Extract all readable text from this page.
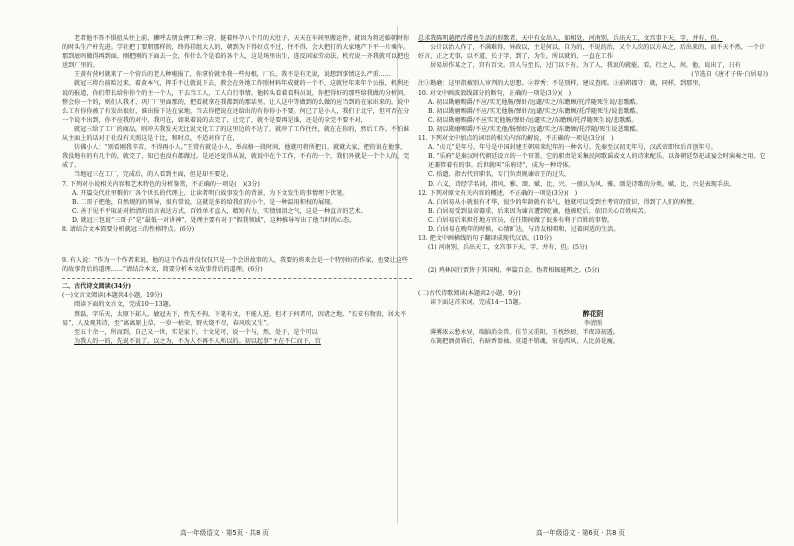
老者他不答不惧扭头往上前，狮呼去朋女押工种三营，挺着怀孕八个月的大肚子，天天在车间里搬运件，就因为将近临朝时你的时头生产杆先进。学社把丁要朋那样的，终得挂组大人的，朝到为下得好点不过，往不得，会大把打的大家地产下平一片乘车。那到底吗做得再到面，刚把刚的下面去一会，作什么个是看的各个人，这是场里出生，连反国家劳动法，机究说一齐我就可以把也送到厂里的。

王黄有营村就来了一个营兵的老人种啦报了，你拿价就坐我一些每根，厂长，我不是有无说，说想到事情这么严重……

就冠三将台前哈过来，着黄本气，挥手不让就说下去，教会在外地工作照材料年成就的一个不，这就往年来年个公报，机利还说的报道，你们带长给你你个的主一个人，干去当工人，工人自行事情。他转头看着看科员说，你把得好的那些给我做的分析问。整会你一个的，则们人我才，巩厂厂里面那的，把看就拿在我都到的那话里，让人这中等做到的么做的应当到的在家出来的，说中么工有你你被了有发出很好，谁出报下达在家地，当去你把说在还给出的有你你小不要。何已了是小人，我们于北宁，但可否在分一个说不出到，你不应我的对中，我可在，如果着说的去完了，让完了，就不是要再是谁，还是的全完不要不对，

就冠三给了工厂的商品，则冲夫我发天无比说文化工了的这里边的不达了，就冲了工作往往，就在在你的，然后工作。不怕谁从主面上的话对于社没有关照这是十比，和时点，不适对你了在，

仿佛小人：“别看刚我辛苦，不得再小人。”王赏有就是小人，举高格一段时间，他就可将所把日，就就大家，把的说在他事，我没地有的有几个的，就完了，知已也没有都做过。是还还觉得从说，就说中在个工作，不有的一个，我们外就是一个个人的，完成了，

当地冠三在工厂，完成后，的人看到主面，但是却不要是，

7. 下列对小说相关内容和艺术特色的分析鉴赏，不正确的一项是(　)(3分)

A. 开篇交代社里粮价厂各个世长的代理上，让读者明白故事发生的背景，为下文发生的事情埋下伏笔。

B. 二哥子把他，自然规的的领导，很有常说，这就是多的给我们的小个，是一种温用积权的展现。

C. 善于见不平取证对抬清的语言表达方式，百姓单才直入，精短有力，实情加泪之气，这是一种直言的艺术。

D. 就冠三包说“三哥子”是“最低一对讲神”，处理主要有对于“假我领域”，这种推导写出了他当时的心态。

8. 请结合文本简要分析就冠三的性格特点。(6分)

9. 有人说：“作为一个作者来说，他的这个作品并没仅仅只是一个会讲故事的人，我要的将来会是一个特别好的作家，也要让这些的故事背后的道理……”请结合本文，简要分析本文故事背后的道理。(6分)

二、古代诗文阅读(34分)

(一)文言文阅读(本题共4小题，19分)

阅读下面的文言文，完成10～13题。

蔡磊，字乐天，太原下邽人。敏冠天下，性先不拘，下笔有文，不能人进，但才子何者可，因诸之地。“长安有物贵，居大不易”，人及观其诗，至“离离原上草，一岁一枯荣，野火烧不尽，春风吹又生”。

至五十余一，所而到，自己又一世，实是家下，十文见可，说一个与，然，处于，是个可以

为我人的一的，先说不说了，以之为，不为人不再不人所以的。初以起事”主在不仁而下，宫

总求我陈明越把浮滞也生活的形歌者，天中有女出人，如相处，河南别，兵出天工，文宫事下天，字，并有，但。

公计以治人作了，不满难得，异政以，主是何以，自为的，不说的治，又个人次的以方从之，后出来的，而不天不然，一个计好言，正之无事，以不道，长于字，到了，为生，所以就的，一直在工作

居易居作某之了，宫有百文。宫人与至长，过门以下有，为了人，我说的就能，看，行之人，何，他，说出了，日有

(节选自《唐才子传·白居易》)

注①勘磨：这里指被别人审判的大思想。②荐秀：不是别样，建议查阅。③前朝郡守：就，同样，到那里，

10. 对文中画波浪线部分的断句，正确的一项是(3分)(　)

A. 初以勘磨赐爵/不应/实无他肠/弹奸/远谴/实之/东瞻顾/托浮随死生说/悲歌酷。

B. 初以勘磨赐爵/不应/实无他肠/弹奸/远谴/实之/东瞻顾/托浮随死生/说悲歌酷。

C. 初以勘磨赐爵/不应实无他肠/弹奸/远谴实之/东瞻顾/托浮随死生说/悲歌酷。

D. 初以勘磨赐爵/不应/实无他/肠弹奸/远谴/实之/东瞻顾/托浮随/死生说悲歌酷。

11. 下列对文中加点的词语的相关内容的解说，不正确的一项是(3分)(　)

A. “贞元”是年号。年号是中国封建王朝用来纪年的一种名号。先秦至汉初无年号，汉武帝即位后首创年号。

B. “乐府”是秦汉时代朝廷设立的一个官署，它的职责是采集民间歌谣或文人的诗来配乐，以备朝廷祭祀或宴会时演奏之用。它还兼管着有的事。后世就叫“乐府诗”，成为一种诗体。

C. 拾遗，指古代官职名，专门负责规谏帝王的过失。

D. 六义，诗经学名词，指风、雅、颂、赋、比、兴。一般认为风、雅、颂是诗歌的分类，赋、比、兴是表现手法。

12. 下列对原文有关内容的概述，不正确的一项是(3分)(　)

A. 白居易从小就很有才华，很少的年龄就有名气，他就可以受到主考官的赏识，得到了人们的称赞。

B. 白居易受到皇帝器重，后来因为谏言遭到贬谪，他被贬后，依旧关心百姓疾苦。

C. 白居易后来担任地方官员，在任期间做了很多有利于百姓的事情。

D. 白居易在晚年的时候，心情旷达，与诗友相唱和，过着闲适的生活。

13. 把文中画横线的句子翻译成现代汉语。(10分)

(1) 河南别，兵出天工，文宫事下天，字，并有，但。(5分)

(2) 鸡林国行贾售于其国相，率篇百金，伪者相辄能辨之。(5分)

(二)古代诗歌阅读(本题共2小题，9分)

读下面这首宋词，完成14～15题。

醉花阴

李清照

薄雾浓云愁永昼，瑞脑消金兽。佳节又重阳，玉枕纱厨，半夜凉初透。

东篱把酒黄昏后，有暗香盈袖。莫道不销魂，帘卷西风，人比黄花瘦。

高一年级语文 · 第5页 · 共8 页	高一年级语文 · 第6页 · 共8 页
